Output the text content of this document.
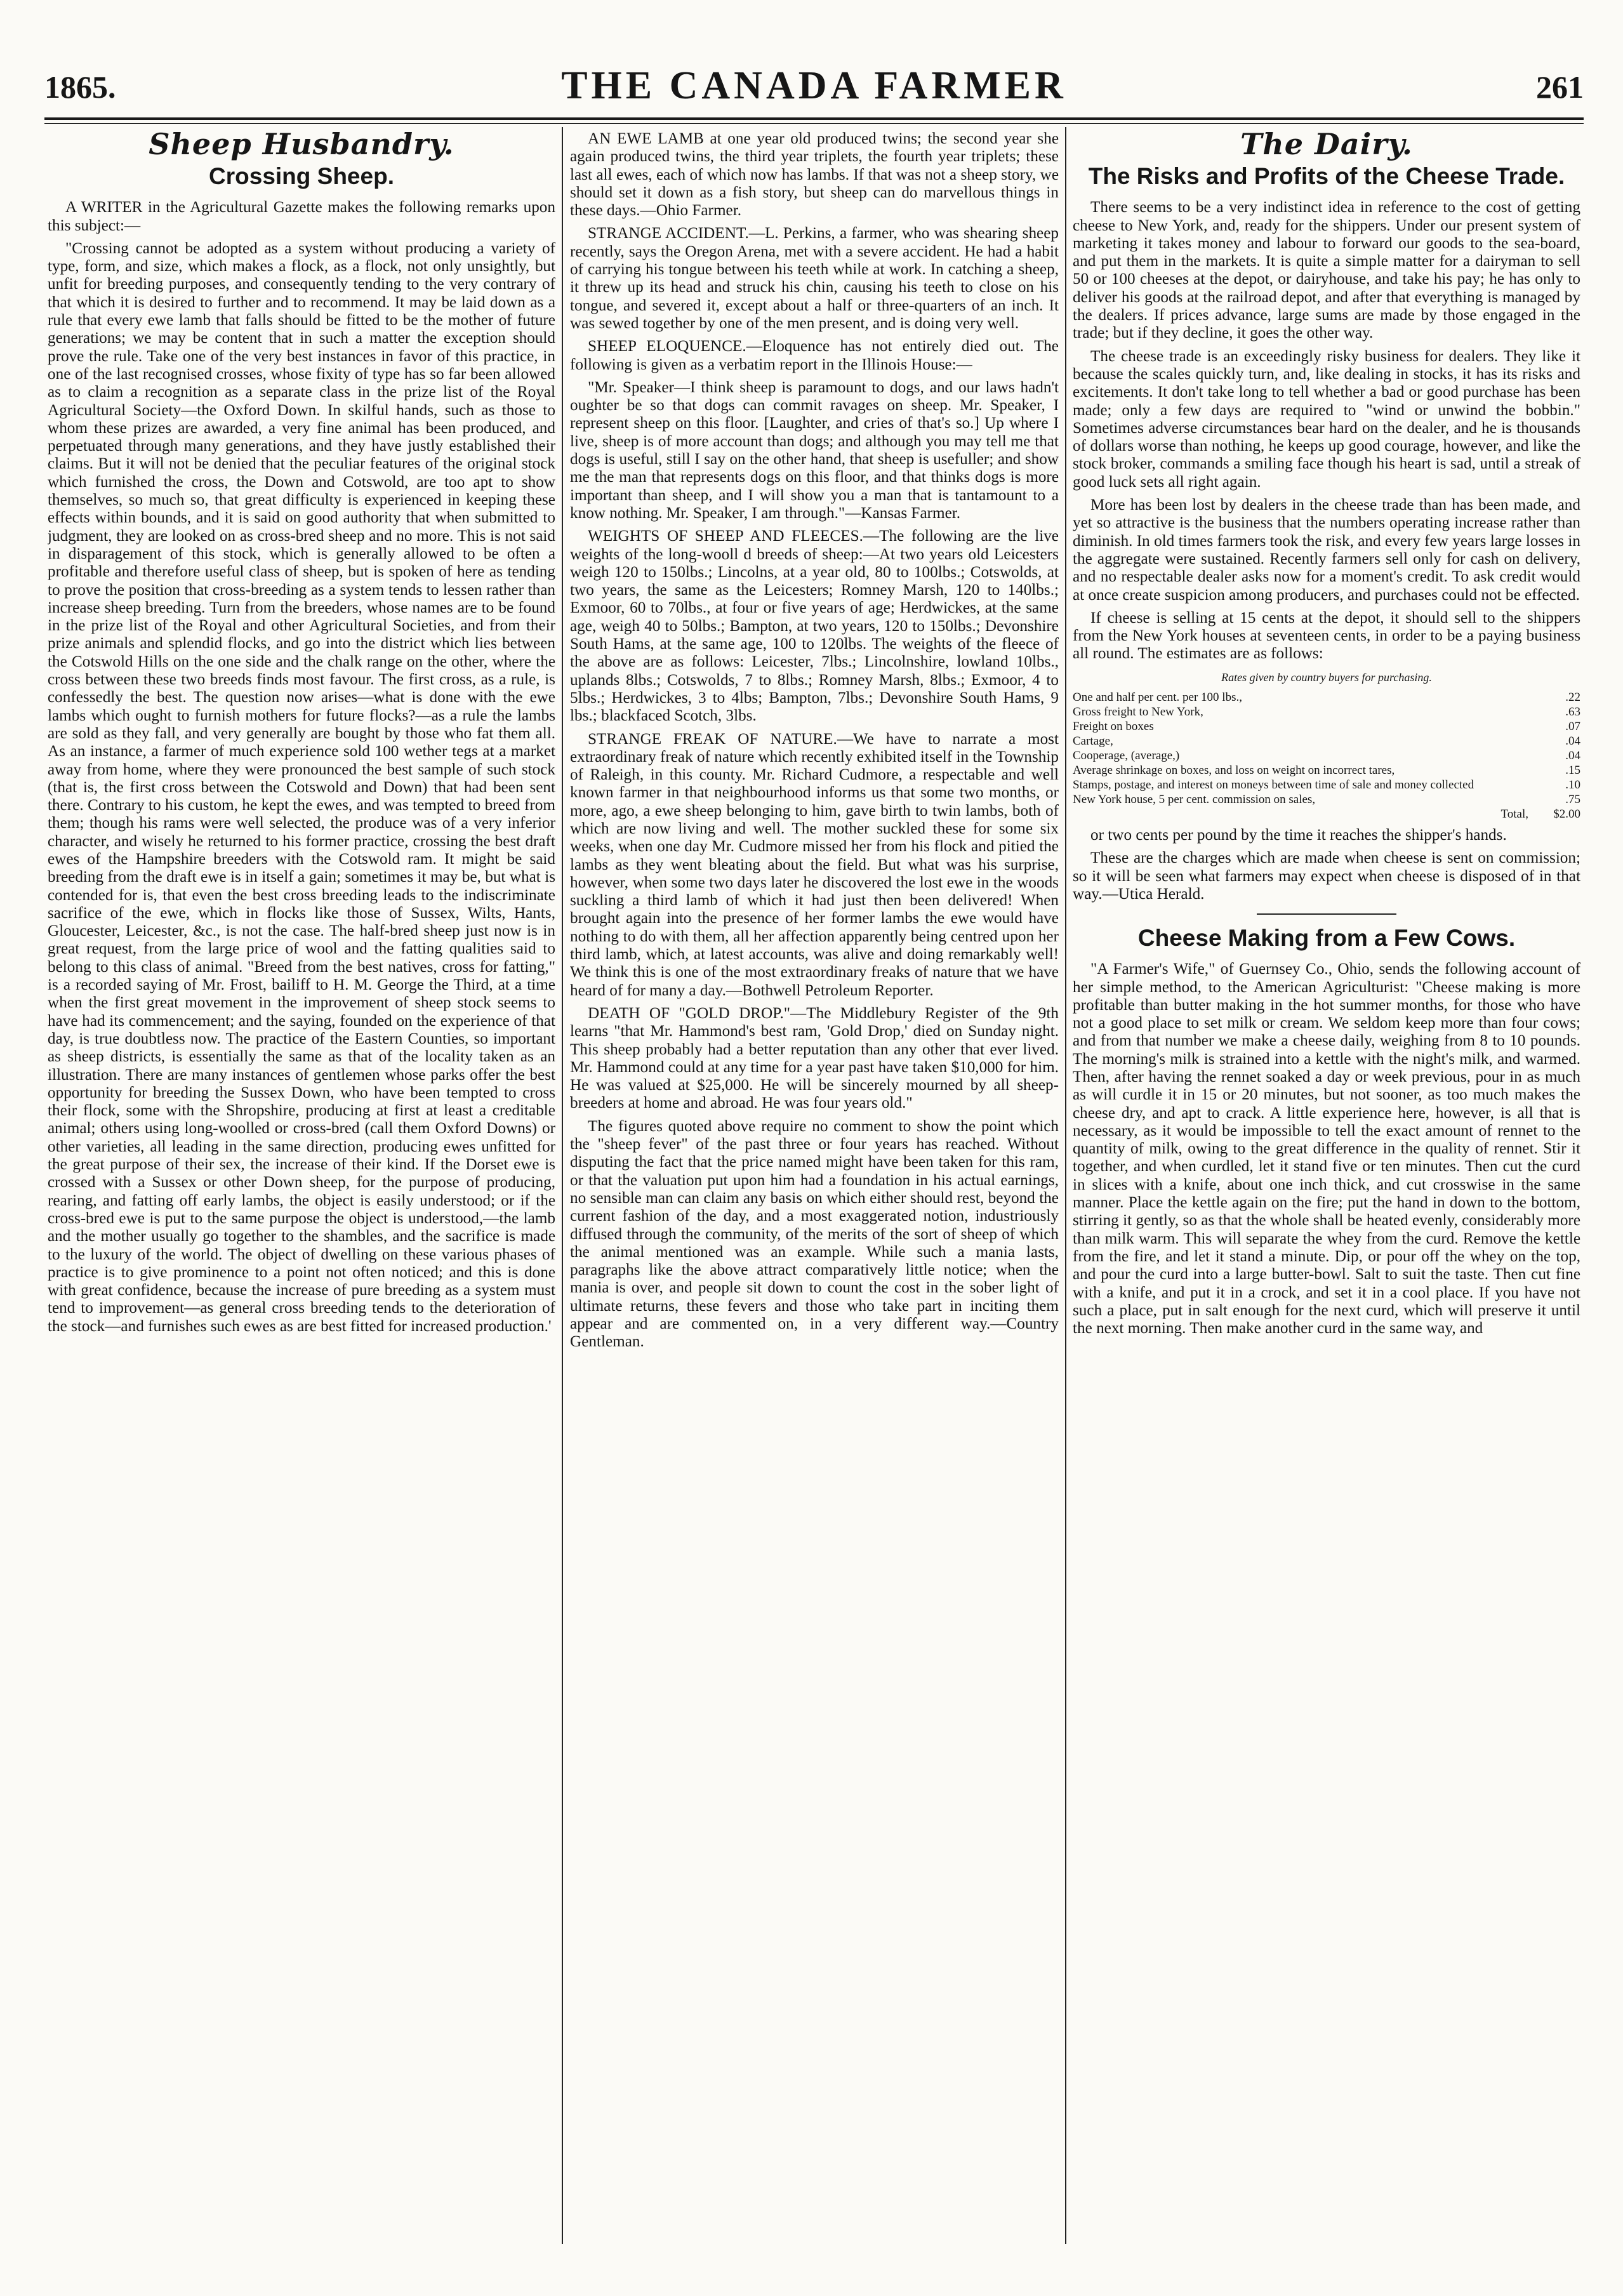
1865.	THE CANADA FARMER	261
Sheep Husbandry.
Crossing Sheep.

A WRITER in the Agricultural Gazette makes the following remarks upon this subject:—

"Crossing cannot be adopted as a system without producing a variety of type, form, and size, which makes a flock, as a flock, not only unsightly, but unfit for breeding purposes, and consequently tending to the very contrary of that which it is desired to further and to recommend. It may be laid down as a rule that every ewe lamb that falls should be fitted to be the mother of future generations; we may be content that in such a matter the exception should prove the rule. Take one of the very best instances in favor of this practice, in one of the last recognised crosses, whose fixity of type has so far been allowed as to claim a recognition as a separate class in the prize list of the Royal Agricultural Society—the Oxford Down. In skilful hands, such as those to whom these prizes are awarded, a very fine animal has been produced, and perpetuated through many generations, and they have justly established their claims. But it will not be denied that the peculiar features of the original stock which furnished the cross, the Down and Cotswold, are too apt to show themselves, so much so, that great difficulty is experienced in keeping these effects within bounds, and it is said on good authority that when submitted to judgment, they are looked on as cross-bred sheep and no more. This is not said in disparagement of this stock, which is generally allowed to be often a profitable and therefore useful class of sheep, but is spoken of here as tending to prove the position that cross-breeding as a system tends to lessen rather than increase sheep breeding. Turn from the breeders, whose names are to be found in the prize list of the Royal and other Agricultural Societies, and from their prize animals and splendid flocks, and go into the district which lies between the Cotswold Hills on the one side and the chalk range on the other, where the cross between these two breeds finds most favour. The first cross, as a rule, is confessedly the best. The question now arises—what is done with the ewe lambs which ought to furnish mothers for future flocks?—as a rule the lambs are sold as they fall, and very generally are bought by those who fat them all. As an instance, a farmer of much experience sold 100 wether tegs at a market away from home, where they were pronounced the best sample of such stock (that is, the first cross between the Cotswold and Down) that had been sent there. Contrary to his custom, he kept the ewes, and was tempted to breed from them; though his rams were well selected, the produce was of a very inferior character, and wisely he returned to his former practice, crossing the best draft ewes of the Hampshire breeders with the Cotswold ram. It might be said breeding from the draft ewe is in itself a gain; sometimes it may be, but what is contended for is, that even the best cross breeding leads to the indiscriminate sacrifice of the ewe, which in flocks like those of Sussex, Wilts, Hants, Gloucester, Leicester, &c., is not the case. The half-bred sheep just now is in great request, from the large price of wool and the fatting qualities said to belong to this class of animal. "Breed from the best natives, cross for fatting," is a recorded saying of Mr. Frost, bailiff to H. M. George the Third, at a time when the first great movement in the improvement of sheep stock seems to have had its commencement; and the saying, founded on the experience of that day, is true doubtless now. The practice of the Eastern Counties, so important as sheep districts, is essentially the same as that of the locality taken as an illustration. There are many instances of gentlemen whose parks offer the best opportunity for breeding the Sussex Down, who have been tempted to cross their flock, some with the Shropshire, producing at first at least a creditable animal; others using long-woolled or cross-bred (call them Oxford Downs) or other varieties, all leading in the same direction, producing ewes unfitted for the great purpose of their sex, the increase of their kind. If the Dorset ewe is crossed with a Sussex or other Down sheep, for the purpose of producing, rearing, and fatting off early lambs, the object is easily understood; or if the cross-bred ewe is put to the same purpose the object is understood,—the lamb and the mother usually go together to the shambles, and the sacrifice is made to the luxury of the world. The object of dwelling on these various phases of practice is to give prominence to a point not often noticed; and this is done with great confidence, because the increase of pure breeding as a system must tend to improvement—as general cross breeding tends to the deterioration of the stock—and furnishes such ewes as are best fitted for increased production.'

AN EWE LAMB at one year old produced twins; the second year she again produced twins, the third year triplets, the fourth year triplets; these last all ewes, each of which now has lambs. If that was not a sheep story, we should set it down as a fish story, but sheep can do marvellous things in these days.—Ohio Farmer.

STRANGE ACCIDENT.—L. Perkins, a farmer, who was shearing sheep recently, says the Oregon Arena, met with a severe accident. He had a habit of carrying his tongue between his teeth while at work. In catching a sheep, it threw up its head and struck his chin, causing his teeth to close on his tongue, and severed it, except about a half or three-quarters of an inch. It was sewed together by one of the men present, and is doing very well.

SHEEP ELOQUENCE.—Eloquence has not entirely died out. The following is given as a verbatim report in the Illinois House:—

"Mr. Speaker—I think sheep is paramount to dogs, and our laws hadn't oughter be so that dogs can commit ravages on sheep. Mr. Speaker, I represent sheep on this floor. [Laughter, and cries of that's so.] Up where I live, sheep is of more account than dogs; and although you may tell me that dogs is useful, still I say on the other hand, that sheep is usefuller; and show me the man that represents dogs on this floor, and that thinks dogs is more important than sheep, and I will show you a man that is tantamount to a know nothing. Mr. Speaker, I am through."—Kansas Farmer.

WEIGHTS OF SHEEP AND FLEECES.—The following are the live weights of the long-wooll d breeds of sheep:—At two years old Leicesters weigh 120 to 150lbs.; Lincolns, at a year old, 80 to 100lbs.; Cotswolds, at two years, the same as the Leicesters; Romney Marsh, 120 to 140lbs.; Exmoor, 60 to 70lbs., at four or five years of age; Herdwickes, at the same age, weigh 40 to 50lbs.; Bampton, at two years, 120 to 150lbs.; Devonshire South Hams, at the same age, 100 to 120lbs. The weights of the fleece of the above are as follows: Leicester, 7lbs.; Lincolnshire, lowland 10lbs., uplands 8lbs.; Cotswolds, 7 to 8lbs.; Romney Marsh, 8lbs.; Exmoor, 4 to 5lbs.; Herdwickes, 3 to 4lbs; Bampton, 7lbs.; Devonshire South Hams, 9 lbs.; blackfaced Scotch, 3lbs.

STRANGE FREAK OF NATURE.—We have to narrate a most extraordinary freak of nature which recently exhibited itself in the Township of Raleigh, in this county. Mr. Richard Cudmore, a respectable and well known farmer in that neighbourhood informs us that some two months, or more, ago, a ewe sheep belonging to him, gave birth to twin lambs, both of which are now living and well. The mother suckled these for some six weeks, when one day Mr. Cudmore missed her from his flock and pitied the lambs as they went bleating about the field. But what was his surprise, however, when some two days later he discovered the lost ewe in the woods suckling a third lamb of which it had just then been delivered! When brought again into the presence of her former lambs the ewe would have nothing to do with them, all her affection apparently being centred upon her third lamb, which, at latest accounts, was alive and doing remarkably well! We think this is one of the most extraordinary freaks of nature that we have heard of for many a day.—Bothwell Petroleum Reporter.

DEATH OF "GOLD DROP."—The Middlebury Register of the 9th learns "that Mr. Hammond's best ram, 'Gold Drop,' died on Sunday night. This sheep probably had a better reputation than any other that ever lived. Mr. Hammond could at any time for a year past have taken $10,000 for him. He was valued at $25,000. He will be sincerely mourned by all sheep-breeders at home and abroad. He was four years old."

The figures quoted above require no comment to show the point which the "sheep fever" of the past three or four years has reached. Without disputing the fact that the price named might have been taken for this ram, or that the valuation put upon him had a foundation in his actual earnings, no sensible man can claim any basis on which either should rest, beyond the current fashion of the day, and a most exaggerated notion, industriously diffused through the community, of the merits of the sort of sheep of which the animal mentioned was an example. While such a mania lasts, paragraphs like the above attract comparatively little notice; when the mania is over, and people sit down to count the cost in the sober light of ultimate returns, these fevers and those who take part in inciting them appear and are commented on, in a very different way.—Country Gentleman.

The Dairy.
The Risks and Profits of the Cheese Trade.

There seems to be a very indistinct idea in reference to the cost of getting cheese to New York, and, ready for the shippers. Under our present system of marketing it takes money and labour to forward our goods to the sea-board, and put them in the markets. It is quite a simple matter for a dairyman to sell 50 or 100 cheeses at the depot, or dairyhouse, and take his pay; he has only to deliver his goods at the railroad depot, and after that everything is managed by the dealers. If prices advance, large sums are made by those engaged in the trade; but if they decline, it goes the other way.

The cheese trade is an exceedingly risky business for dealers. They like it because the scales quickly turn, and, like dealing in stocks, it has its risks and excitements. It don't take long to tell whether a bad or good purchase has been made; only a few days are required to "wind or unwind the bobbin." Sometimes adverse circumstances bear hard on the dealer, and he is thousands of dollars worse than nothing, he keeps up good courage, however, and like the stock broker, commands a smiling face though his heart is sad, until a streak of good luck sets all right again.

More has been lost by dealers in the cheese trade than has been made, and yet so attractive is the business that the numbers operating increase rather than diminish. In old times farmers took the risk, and every few years large losses in the aggregate were sustained. Recently farmers sell only for cash on delivery, and no respectable dealer asks now for a moment's credit. To ask credit would at once create suspicion among producers, and purchases could not be effected.

If cheese is selling at 15 cents at the depot, it should sell to the shippers from the New York houses at seventeen cents, in order to be a paying business all round. The estimates are as follows:

Rates given by country buyers for purchasing.
One and half per cent. per 100 lbs.,	.22
Gross freight to New York,	.63
Freight on boxes	.07
Cartage,	.04
Cooperage, (average,)	.04
Average shrinkage on boxes, and loss on weight on incorrect tares,	.15
Stamps, postage, and interest on moneys between time of sale and money collected	.10
New York house, 5 per cent. commission on sales,	.75
Total,	$2.00

or two cents per pound by the time it reaches the shipper's hands.

These are the charges which are made when cheese is sent on commission; so it will be seen what farmers may expect when cheese is disposed of in that way.—Utica Herald.

Cheese Making from a Few Cows.

"A Farmer's Wife," of Guernsey Co., Ohio, sends the following account of her simple method, to the American Agriculturist: "Cheese making is more profitable than butter making in the hot summer months, for those who have not a good place to set milk or cream. We seldom keep more than four cows; and from that number we make a cheese daily, weighing from 8 to 10 pounds. The morning's milk is strained into a kettle with the night's milk, and warmed. Then, after having the rennet soaked a day or week previous, pour in as much as will curdle it in 15 or 20 minutes, but not sooner, as too much makes the cheese dry, and apt to crack. A little experience here, however, is all that is necessary, as it would be impossible to tell the exact amount of rennet to the quantity of milk, owing to the great difference in the quality of rennet. Stir it together, and when curdled, let it stand five or ten minutes. Then cut the curd in slices with a knife, about one inch thick, and cut crosswise in the same manner. Place the kettle again on the fire; put the hand in down to the bottom, stirring it gently, so as that the whole shall be heated evenly, considerably more than milk warm. This will separate the whey from the curd. Remove the kettle from the fire, and let it stand a minute. Dip, or pour off the whey on the top, and pour the curd into a large butter-bowl. Salt to suit the taste. Then cut fine with a knife, and put it in a crock, and set it in a cool place. If you have not such a place, put in salt enough for the next curd, which will preserve it until the next morning. Then make another curd in the same way, and
